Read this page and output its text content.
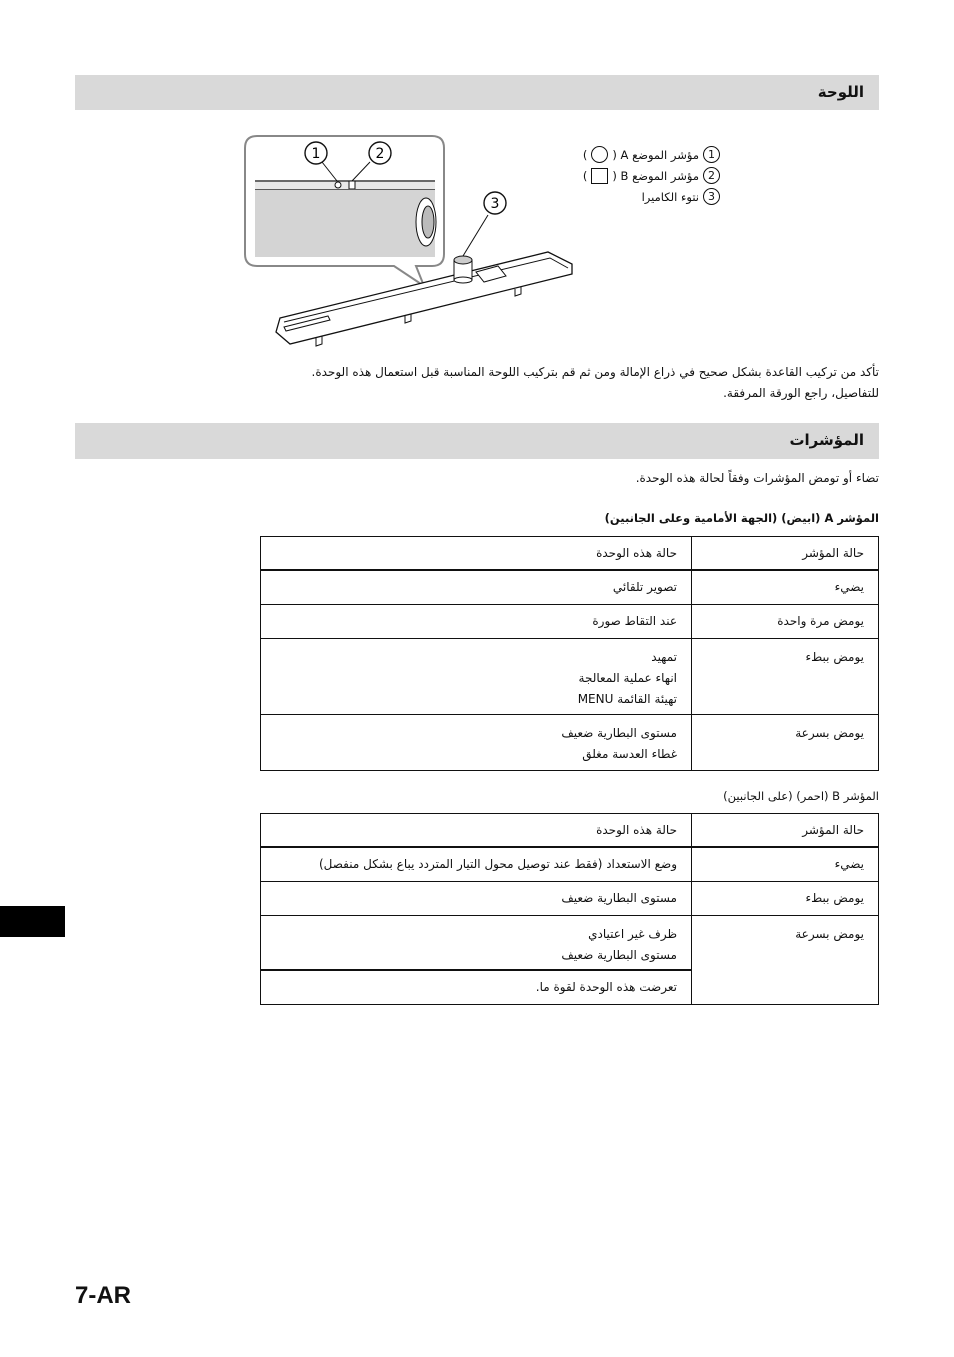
اللوحة
1	2
3
1
مؤشر الموضع A (
)
2
مؤشر الموضع B (
)
3
نتوء الكاميرا
تأكد من تركيب القاعدة بشكل صحيح في ذراع الإمالة ومن ثم قم بتركيب اللوحة المناسبة قبل استعمال هذه الوحدة.
للتفاصيل، راجع الورقة المرفقة.
المؤشرات
تضاء أو تومض المؤشرات وفقاً لحالة هذه الوحدة.
المؤشر A (ابيض) (الجهة الأمامية وعلى الجانبين)
حالة المؤشر	حالة هذه الوحدة

يضيء	تصوير تلقائي

يومض مرة واحدة	عند التقاط صورة

يومض ببطء	تمهيد
انهاء عملية المعالجة
تهيئة القائمة MENU

يومض بسرعة	مستوى البطارية ضعيف
غطاء العدسة مغلق
المؤشر B (احمر) (على الجانبين)
حالة المؤشر	حالة هذه الوحدة

يضيء	وضع الاستعداد (فقط عند توصيل محول التيار المتردد يباع بشكل منفصل)

يومض ببطء	مستوى البطارية ضعيف

يومض بسرعة	ظرف غير اعتيادي
مستوى البطارية ضعيف

	تعرضت هذه الوحدة لقوة ما.
7-AR
